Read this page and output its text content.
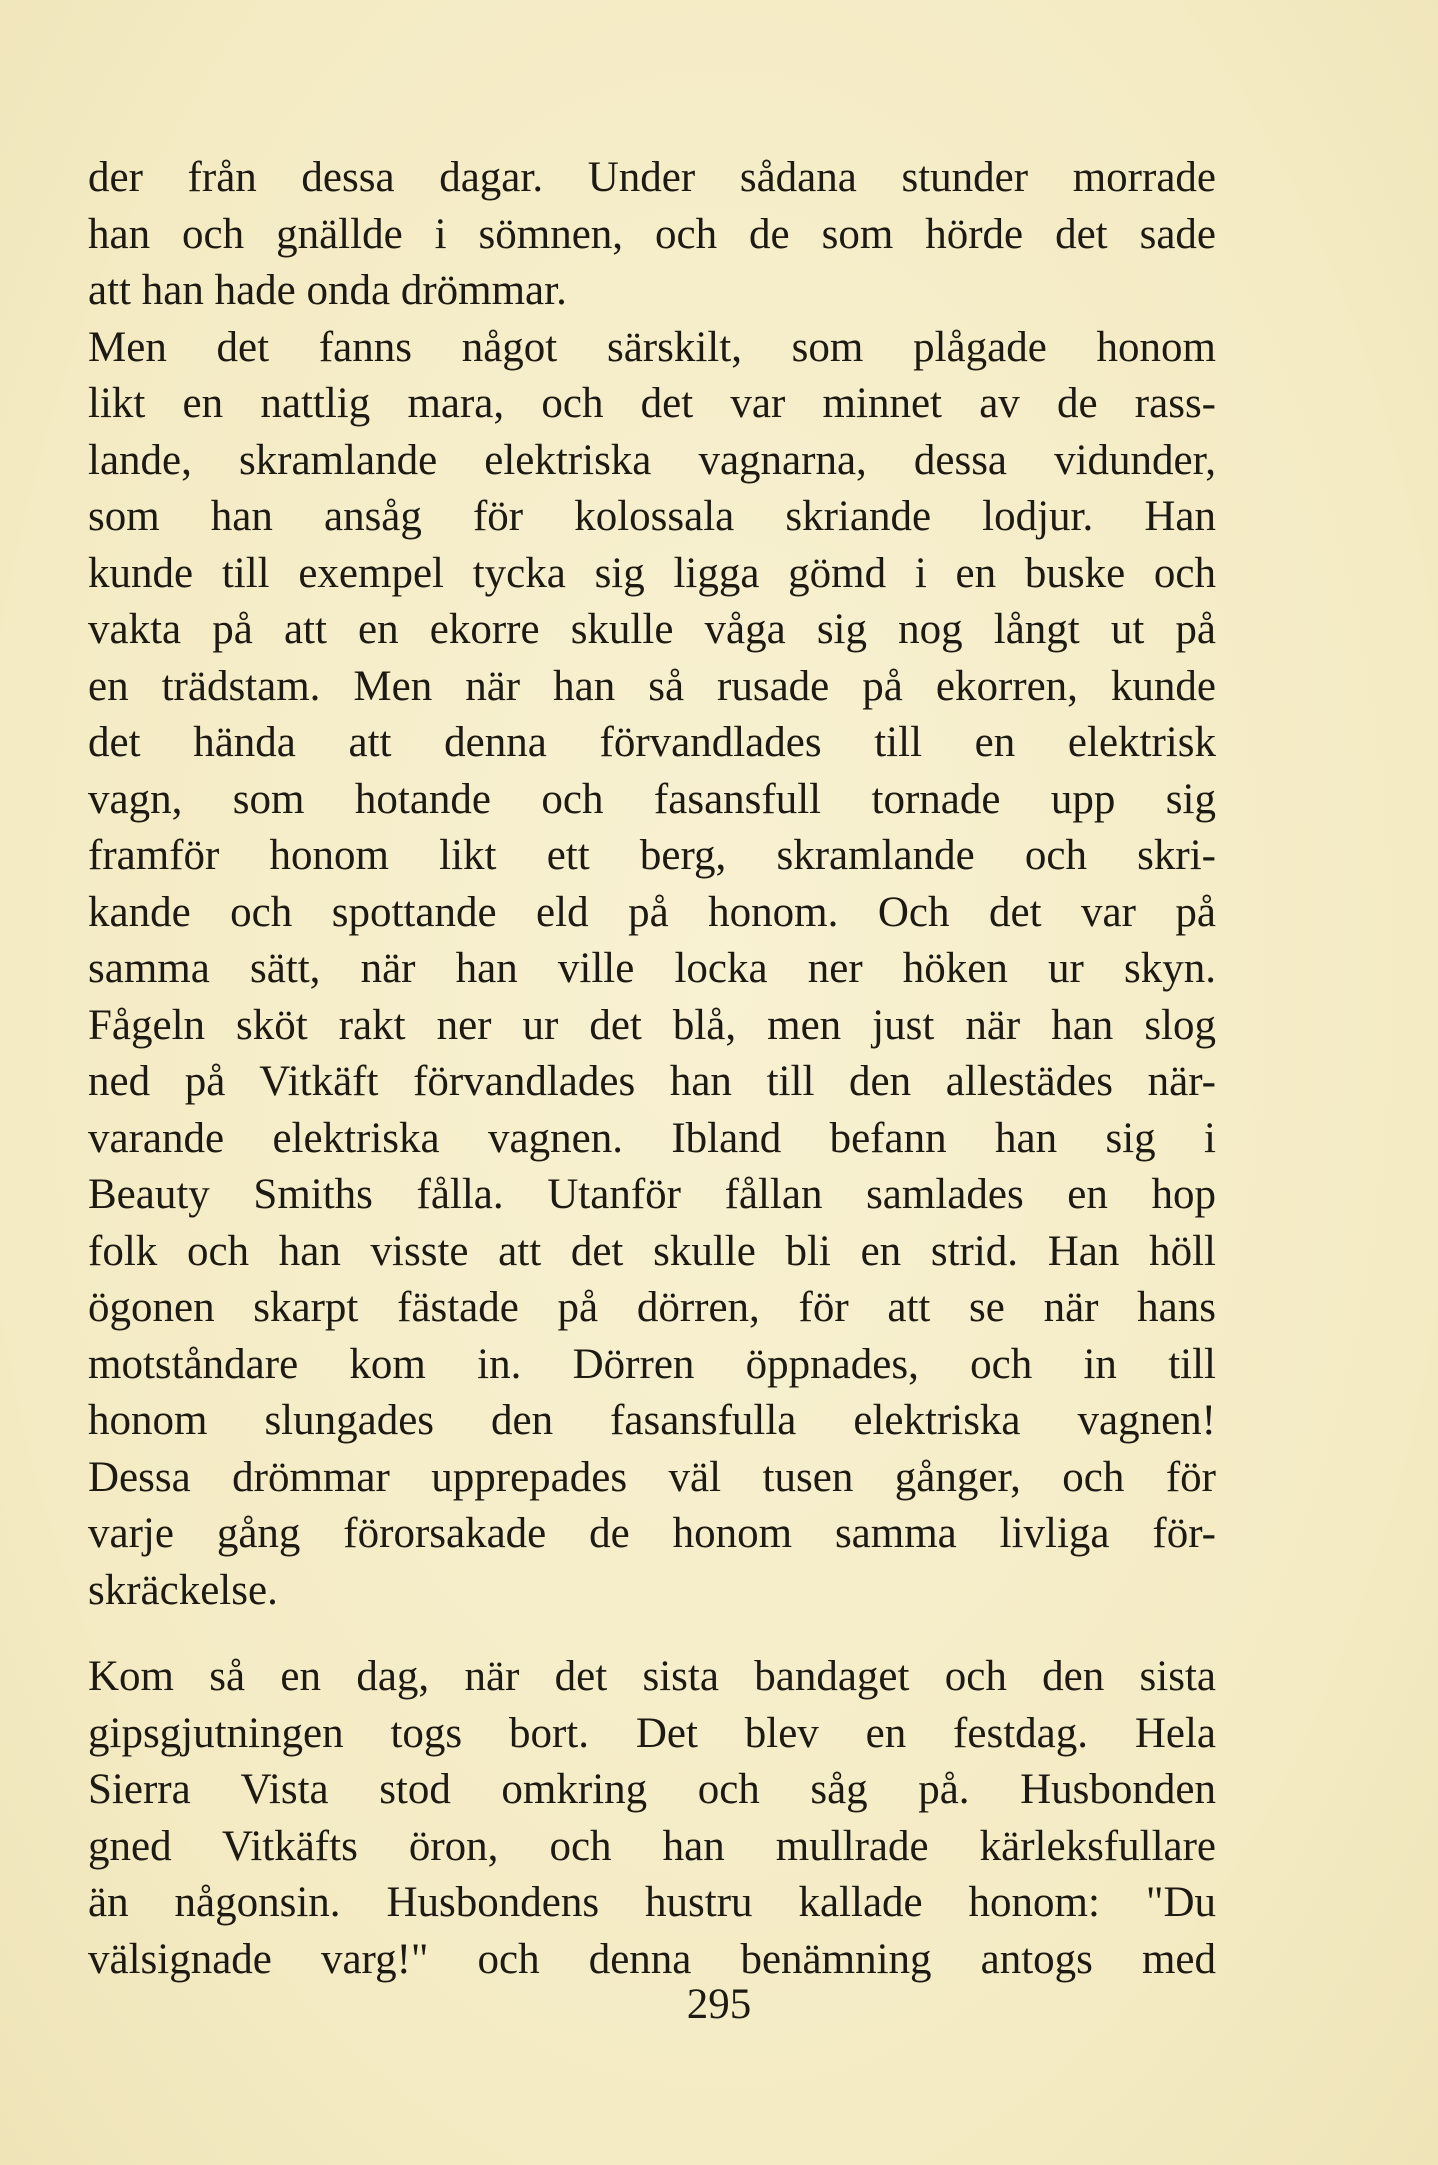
der från dessa dagar. Under sådana stunder morrade
han och gnällde i sömnen, och de som hörde det sade
att han hade onda drömmar.
Men det fanns något särskilt, som plågade honom
likt en nattlig mara, och det var minnet av de rass-
lande, skramlande elektriska vagnarna, dessa vidunder,
som han ansåg för kolossala skriande lodjur. Han
kunde till exempel tycka sig ligga gömd i en buske och
vakta på att en ekorre skulle våga sig nog långt ut på
en trädstam. Men när han så rusade på ekorren, kunde
det hända att denna förvandlades till en elektrisk
vagn, som hotande och fasansfull tornade upp sig
framför honom likt ett berg, skramlande och skri-
kande och spottande eld på honom. Och det var på
samma sätt, när han ville locka ner höken ur skyn.
Fågeln sköt rakt ner ur det blå, men just när han slog
ned på Vitkäft förvandlades han till den allestädes när-
varande elektriska vagnen. Ibland befann han sig i
Beauty Smiths fålla. Utanför fållan samlades en hop
folk och han visste att det skulle bli en strid. Han höll
ögonen skarpt fästade på dörren, för att se när hans
motståndare kom in. Dörren öppnades, och in till
honom slungades den fasansfulla elektriska vagnen!
Dessa drömmar upprepades väl tusen gånger, och för
varje gång förorsakade de honom samma livliga för-
skräckelse.
Kom så en dag, när det sista bandaget och den sista
gipsgjutningen togs bort. Det blev en festdag. Hela
Sierra Vista stod omkring och såg på. Husbonden
gned Vitkäfts öron, och han mullrade kärleksfullare
än någonsin. Husbondens hustru kallade honom: "Du
välsignade varg!" och denna benämning antogs med
295
